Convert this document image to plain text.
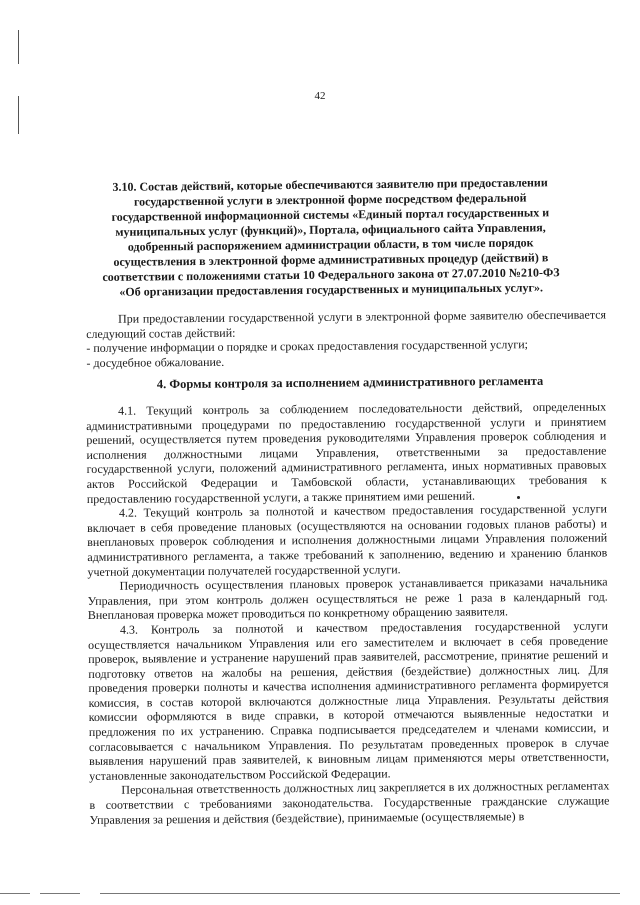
42
3.10. Состав действий, которые обеспечиваются заявителю при предоставлении государственной услуги в электронной форме посредством федеральной государственной информационной системы «Единый портал государственных и муниципальных услуг (функций)», Портала, официального сайта Управления, одобренный распоряжением администрации области, в том числе порядок осуществления в электронной форме административных процедур (действий) в соответствии с положениями статьи 10 Федерального закона от 27.07.2010 №210-ФЗ «Об организации предоставления государственных и муниципальных услуг».

При предоставлении государственной услуги в электронной форме заявителю обеспечивается следующий состав действий:

- получение информации о порядке и сроках предоставления государственной услуги;

- досудебное обжалование.

4. Формы контроля за исполнением административного регламента

4.1. Текущий контроль за соблюдением последовательности действий, определенных административными процедурами по предоставлению государственной услуги и принятием решений, осуществляется путем проведения руководителями Управления проверок соблюдения и исполнения должностными лицами Управления, ответственными за предоставление государственной услуги, положений административного регламента, иных нормативных правовых актов Российской Федерации и Тамбовской области, устанавливающих требования к предоставлению государственной услуги, а также принятием ими решений.

4.2. Текущий контроль за полнотой и качеством предоставления государственной услуги включает в себя проведение плановых (осуществляются на основании годовых планов работы) и внеплановых проверок соблюдения и исполнения должностными лицами Управления положений административного регламента, а также требований к заполнению, ведению и хранению бланков учетной документации получателей государственной услуги.

Периодичность осуществления плановых проверок устанавливается приказами начальника Управления, при этом контроль должен осуществляться не реже 1 раза в календарный год. Внеплановая проверка может проводиться по конкретному обращению заявителя.

4.3. Контроль за полнотой и качеством предоставления государственной услуги осуществляется начальником Управления или его заместителем и включает в себя проведение проверок, выявление и устранение нарушений прав заявителей, рассмотрение, принятие решений и подготовку ответов на жалобы на решения, действия (бездействие) должностных лиц. Для проведения проверки полноты и качества исполнения административного регламента формируется комиссия, в состав которой включаются должностные лица Управления. Результаты действия комиссии оформляются в виде справки, в которой отмечаются выявленные недостатки и предложения по их устранению. Справка подписывается председателем и членами комиссии, и согласовывается с начальником Управления. По результатам проведенных проверок в случае выявления нарушений прав заявителей, к виновным лицам применяются меры ответственности, установленные законодательством Российской Федерации.

Персональная ответственность должностных лиц закрепляется в их должностных регламентах в соответствии с требованиями законодательства. Государственные гражданские служащие Управления за решения и действия (бездействие), принимаемые (осуществляемые) в
